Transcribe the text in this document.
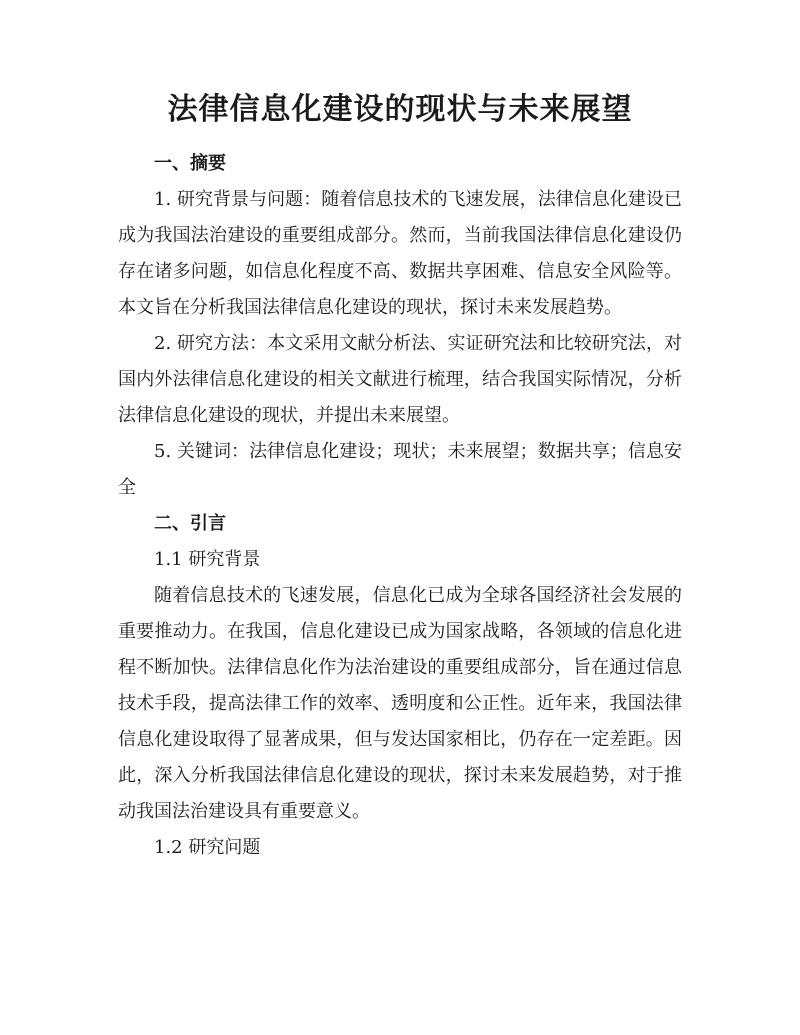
法律信息化建设的现状与未来展望

一、摘要

1. 研究背景与问题：随着信息技术的飞速发展，法律信息化建设已成为我国法治建设的重要组成部分。然而，当前我国法律信息化建设仍存在诸多问题，如信息化程度不高、数据共享困难、信息安全风险等。本文旨在分析我国法律信息化建设的现状，探讨未来发展趋势。

2. 研究方法：本文采用文献分析法、实证研究法和比较研究法，对国内外法律信息化建设的相关文献进行梳理，结合我国实际情况，分析法律信息化建设的现状，并提出未来展望。

5. 关键词：法律信息化建设；现状；未来展望；数据共享；信息安全

二、引言

1.1 研究背景

随着信息技术的飞速发展，信息化已成为全球各国经济社会发展的重要推动力。在我国，信息化建设已成为国家战略，各领域的信息化进程不断加快。法律信息化作为法治建设的重要组成部分，旨在通过信息技术手段，提高法律工作的效率、透明度和公正性。近年来，我国法律信息化建设取得了显著成果，但与发达国家相比，仍存在一定差距。因此，深入分析我国法律信息化建设的现状，探讨未来发展趋势，对于推动我国法治建设具有重要意义。

1.2 研究问题
